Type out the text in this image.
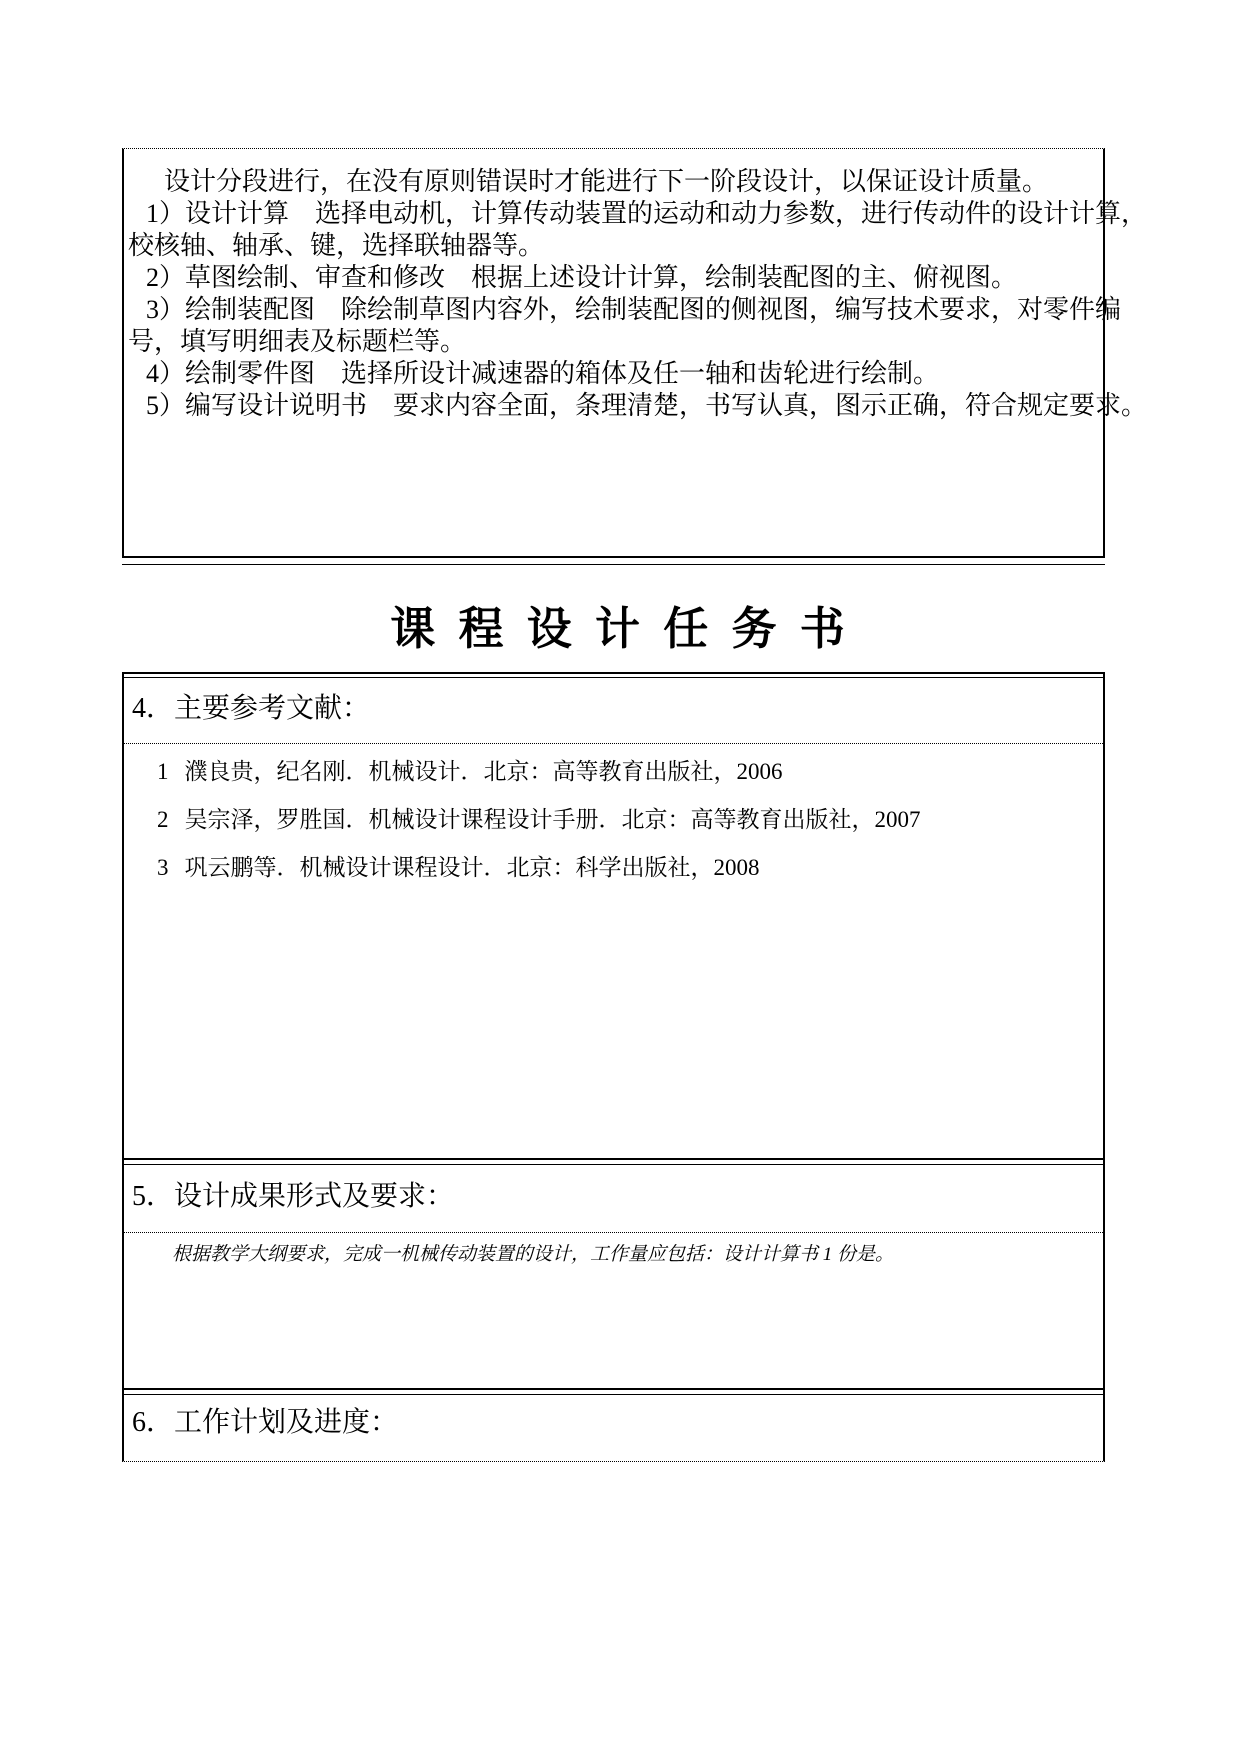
设计分段进行，在没有原则错误时才能进行下一阶段设计，以保证设计质量。

1）设计计算　选择电动机，计算传动装置的运动和动力参数，进行传动件的设计计算，

校核轴、轴承、键，选择联轴器等。

2）草图绘制、审查和修改　根据上述设计计算，绘制装配图的主、俯视图。

3）绘制装配图　除绘制草图内容外，绘制装配图的侧视图，编写技术要求，对零件编

号，填写明细表及标题栏等。

4）绘制零件图　选择所设计减速器的箱体及任一轴和齿轮进行绘制。

5）编写设计说明书　要求内容全面，条理清楚，书写认真，图示正确，符合规定要求。

课 程 设 计 任 务 书

4．主要参考文献：

1 濮良贵，纪名刚．机械设计．北京：高等教育出版社，2006

2 吴宗泽，罗胜国．机械设计课程设计手册．北京：高等教育出版社，2007

3 巩云鹏等．机械设计课程设计．北京：科学出版社，2008

5．设计成果形式及要求：

根据教学大纲要求，完成一机械传动装置的设计，工作量应包括：设计计算书 1 份是。

6．工作计划及进度：
